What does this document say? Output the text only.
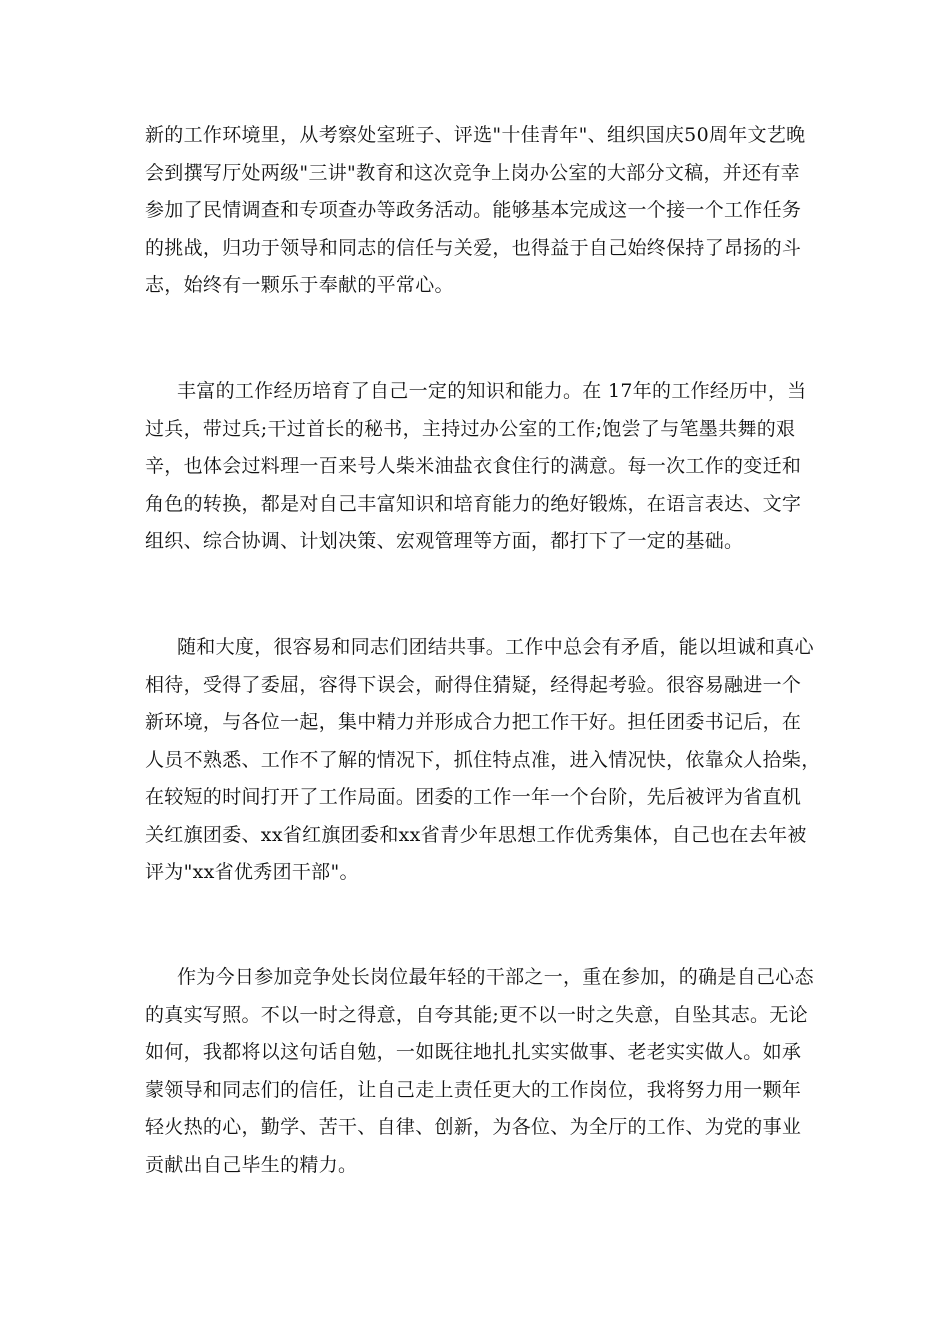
新的工作环境里，从考察处室班子、评选"十佳青年"、组织国庆50周年文艺晚
会到撰写厅处两级"三讲"教育和这次竞争上岗办公室的大部分文稿，并还有幸
参加了民情调查和专项查办等政务活动。能够基本完成这一个接一个工作任务
的挑战，归功于领导和同志的信任与关爱，也得益于自己始终保持了昂扬的斗
志，始终有一颗乐于奉献的平常心。

丰富的工作经历培育了自己一定的知识和能力。在 17年的工作经历中，当
过兵，带过兵;干过首长的秘书，主持过办公室的工作;饱尝了与笔墨共舞的艰
辛，也体会过料理一百来号人柴米油盐衣食住行的满意。每一次工作的变迁和
角色的转换，都是对自己丰富知识和培育能力的绝好锻炼，在语言表达、文字
组织、综合协调、计划决策、宏观管理等方面，都打下了一定的基础。

随和大度，很容易和同志们团结共事。工作中总会有矛盾，能以坦诚和真心
相待，受得了委屈，容得下误会，耐得住猜疑，经得起考验。很容易融进一个
新环境，与各位一起，集中精力并形成合力把工作干好。担任团委书记后，在
人员不熟悉、工作不了解的情况下，抓住特点准，进入情况快，依靠众人拾柴，
在较短的时间打开了工作局面。团委的工作一年一个台阶，先后被评为省直机
关红旗团委、xx省红旗团委和xx省青少年思想工作优秀集体，自己也在去年被
评为"xx省优秀团干部"。

作为今日参加竞争处长岗位最年轻的干部之一，重在参加，的确是自己心态
的真实写照。不以一时之得意，自夸其能;更不以一时之失意，自坠其志。无论
如何，我都将以这句话自勉，一如既往地扎扎实实做事、老老实实做人。如承
蒙领导和同志们的信任，让自己走上责任更大的工作岗位，我将努力用一颗年
轻火热的心，勤学、苦干、自律、创新，为各位、为全厅的工作、为党的事业
贡献出自己毕生的精力。
